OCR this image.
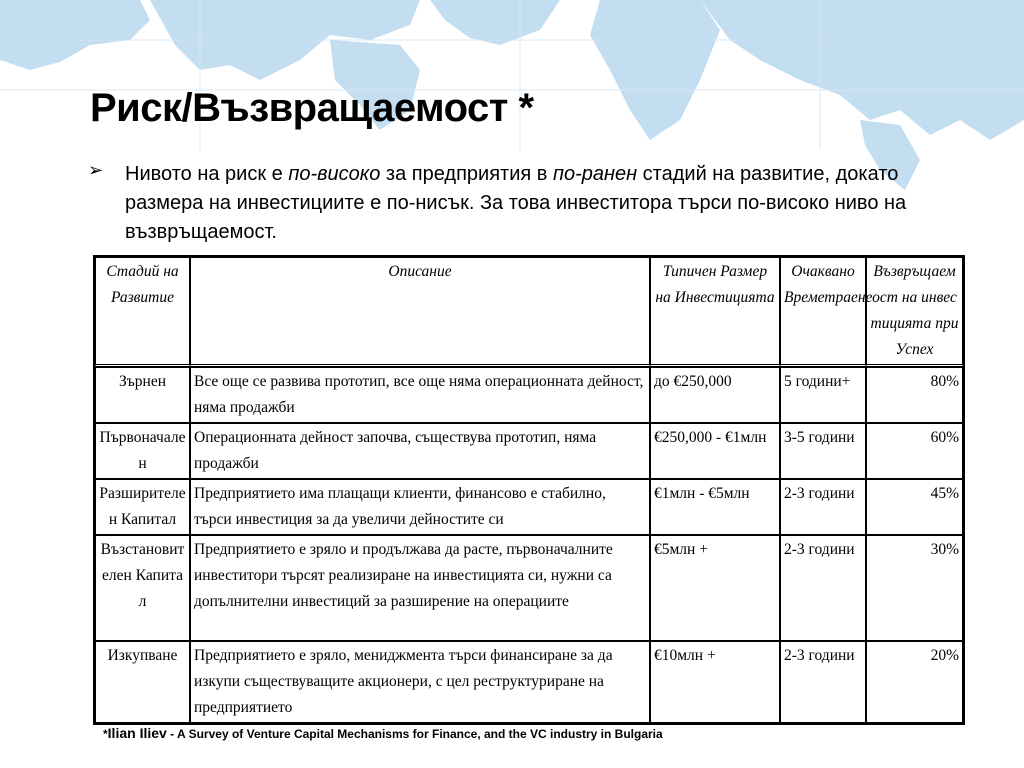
Риск/Възвращаемост *
➢ Нивото на риск е по-високо за предприятия в по-ранен стадий на развитие, докато размера на инвестициите е по-нисък. За това инвеститора търси по-високо ниво на възвръщаемост.
Стадий на Развитие	Описание	Типичен Размер на Инвестицията	Очаквано Времетраене	Възвръщаемост на инвестицията при Успех
Зърнен	Все още се развива прототип, все още няма операционната дейност, няма продажби	до €250,000	5 години+	80%
Първоначален	Операционната дейност започва, съществува прототип, няма продажби	€250,000 - €1млн	3-5 години	60%
Разширителен Капитал	Предприятието има плащащи клиенти, финансово е стабилно, търси инвестиция за да увеличи дейностите си	€1млн - €5млн	2-3 години	45%
Възстановителен Капитал	Предприятието е зряло и продължава да расте, първоначалните инвеститори търсят реализиране на инвестицията си, нужни са допълнителни инвестиций за разширение на операциите	€5млн +	2-3 години	30%
Изкупване	Предприятието е зряло, мениджмента търси финансиране за да изкупи съществуващите акционери, с цел реструктуриране на предприятието	€10млн +	2-3 години	20%
*Ilian Iliev - A Survey of Venture Capital Mechanisms for Finance, and the VC industry in Bulgaria
